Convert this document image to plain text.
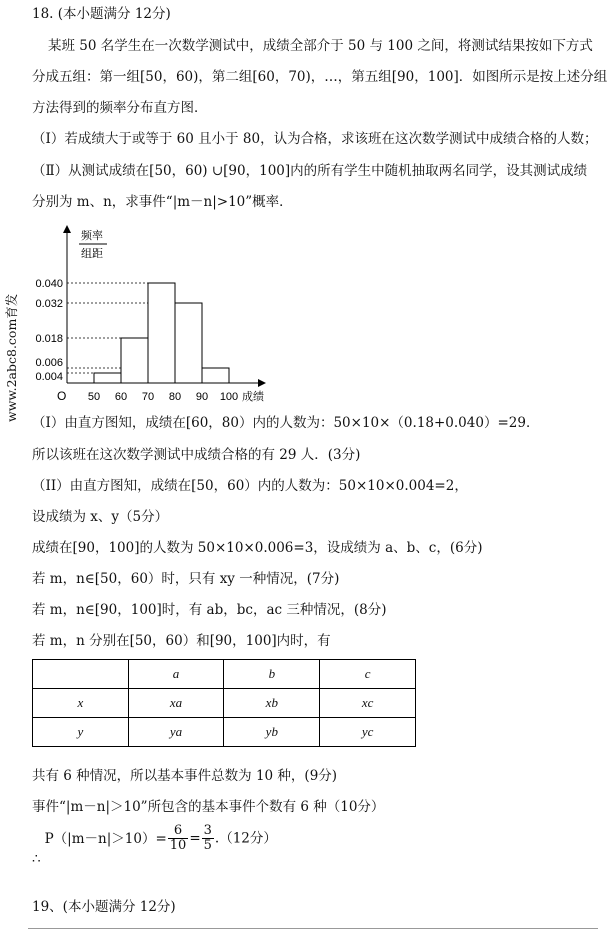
18. (本小题满分 12分)
某班 50 名学生在一次数学测试中，成绩全部介于 50 与 100 之间，将测试结果按如下方式
分成五组：第一组[50，60)，第二组[60，70)，…，第五组[90，100]．如图所示是按上述分组
方法得到的频率分布直方图．
（Ⅰ）若成绩大于或等于 60 且小于 80，认为合格，求该班在这次数学测试中成绩合格的人数；
（Ⅱ）从测试成绩在[50，60) ∪[90，100]内的所有学生中随机抽取两名同学，设其测试成绩
分别为 m、n，求事件“|m－n|>10”概率．
www.2abc8.com育发
频率
组距
成绩
O 50 60 70 80 90 100
0.040
0.032
0.018
0.006
0.004
（I）由直方图知，成绩在[60，80）内的人数为：50×10×（0.18+0.040）=29．
所以该班在这次数学测试中成绩合格的有 29 人．(3分)
（II）由直方图知，成绩在[50，60）内的人数为：50×10×0.004=2，
设成绩为 x、y（5分）
成绩在[90，100]的人数为 50×10×0.006=3，设成绩为 a、b、c，(6分)
若 m，n∈[50，60）时，只有 xy 一种情况，(7分)
若 m，n∈[90，100]时，有 ab，bc，ac 三种情况，(8分)
若 m，n 分别在[50，60）和[90，100]内时，有
	a	b	c
x	xa	xb	xc
y	ya	yb	yc
共有 6 种情况，所以基本事件总数为 10 种，(9分)
事件“|m－n|＞10”所包含的基本事件个数有 6 种（10分）
∴P（|m－n|＞10）= $\frac{6}{10} = \frac{3}{5} .(12$分）
19、(本小题满分 12分)
